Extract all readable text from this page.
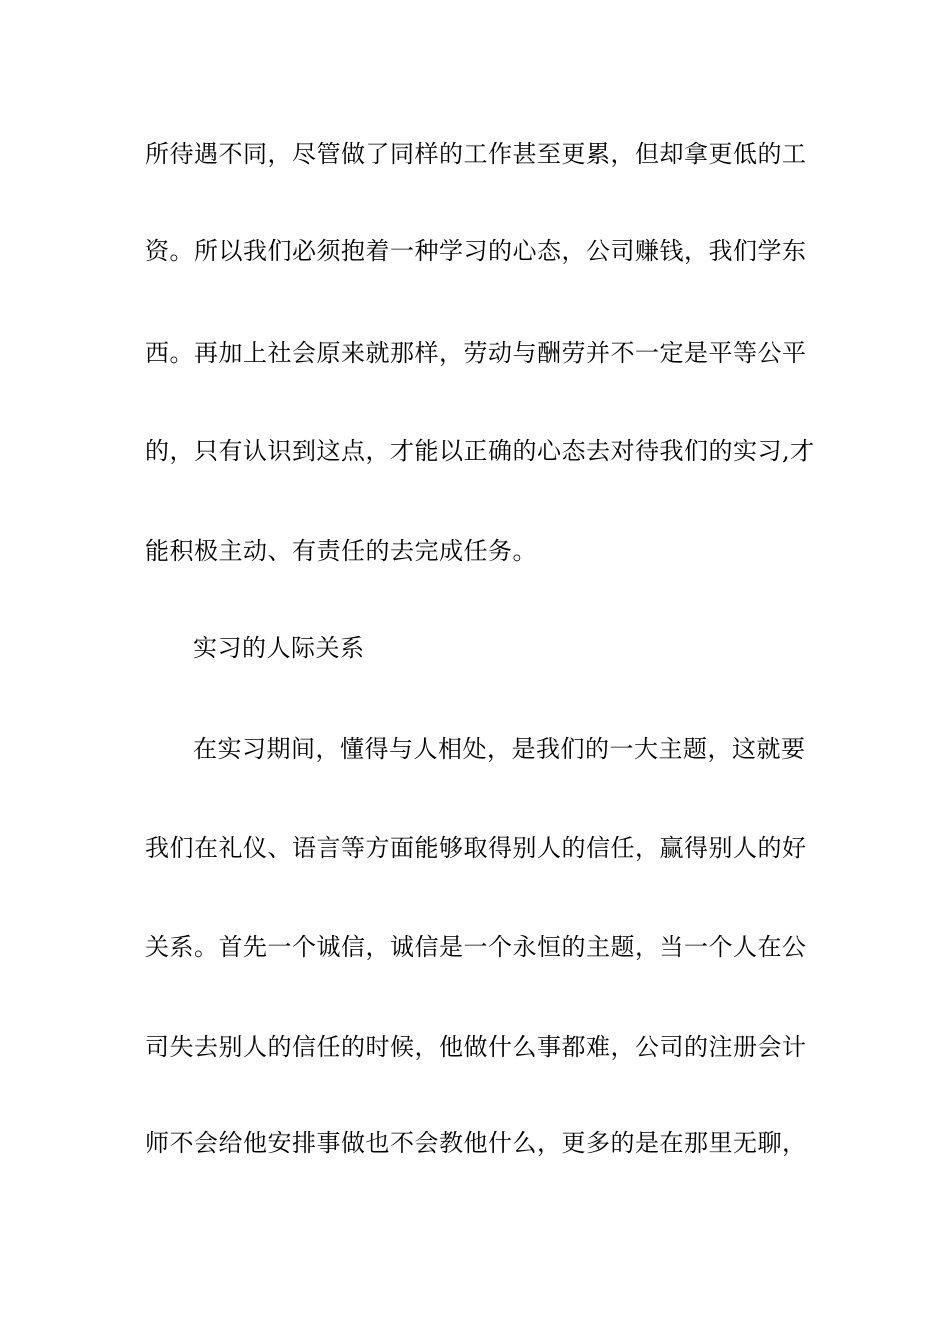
所待遇不同，尽管做了同样的工作甚至更累，但却拿更低的工
资。所以我们必须抱着一种学习的心态，公司赚钱，我们学东
西。再加上社会原来就那样，劳动与酬劳并不一定是平等公平
的，只有认识到这点，才能以正确的心态去对待我们的实习,才
能积极主动、有责任的去完成任务。
实习的人际关系
在实习期间，懂得与人相处，是我们的一大主题，这就要
我们在礼仪、语言等方面能够取得别人的信任，赢得别人的好
关系。首先一个诚信，诚信是一个永恒的主题，当一个人在公
司失去别人的信任的时候，他做什么事都难，公司的注册会计
师不会给他安排事做也不会教他什么，更多的是在那里无聊，
